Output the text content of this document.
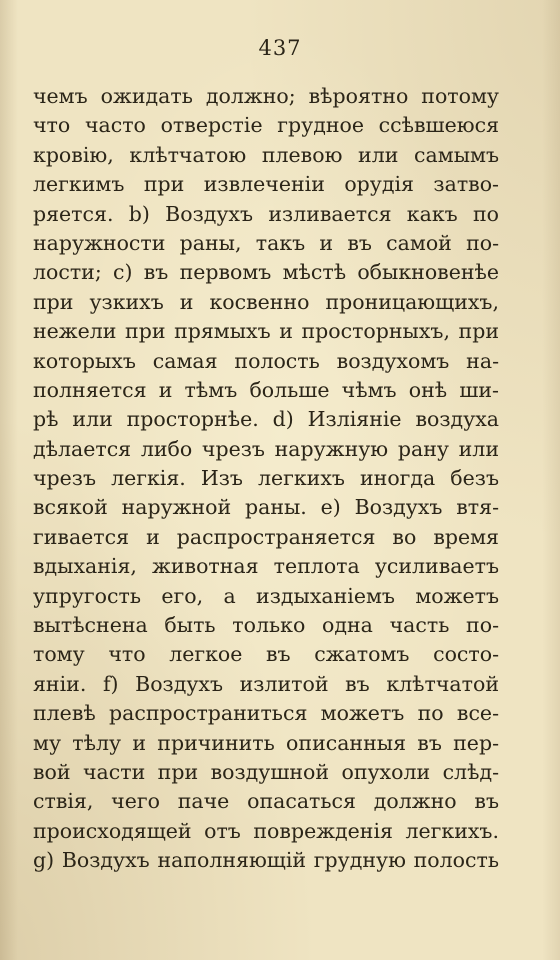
437
чемъ ожидать должно; вѣроятно потому
что часто отверстіе грудное ссѣвшеюся
кровію, клѣтчатою плевою или самымъ
легкимъ при извлеченіи орудія затво-
ряется. b) Воздухъ изливается какъ по
наружности раны, такъ и въ самой по-
лости; c) въ первомъ мѣстѣ обыкновенѣе
при узкихъ и косвенно проницающихъ,
нежели при прямыхъ и просторныхъ, при
которыхъ самая полость воздухомъ на-
полняется и тѣмъ больше чѣмъ онѣ ши-
рѣ или просторнѣе. d) Изліяніе воздуха
дѣлается либо чрезъ наружную рану или
чрезъ легкія. Изъ легкихъ иногда безъ
всякой наружной раны. e) Воздухъ втя-
гивается и распространяется во время
вдыханія, животная теплота усиливаетъ
упругость его, а издыханіемъ можетъ
вытѣснена быть только одна часть по-
тому что легкое въ сжатомъ состо-
яніи. f) Воздухъ излитой въ клѣтчатой
плевѣ распространиться можетъ по все-
му тѣлу и причинить описанныя въ пер-
вой части при воздушной опухоли слѣд-
ствія, чего паче опасаться должно въ
происходящей отъ поврежденія легкихъ.
g) Воздухъ наполняющій грудную полость
